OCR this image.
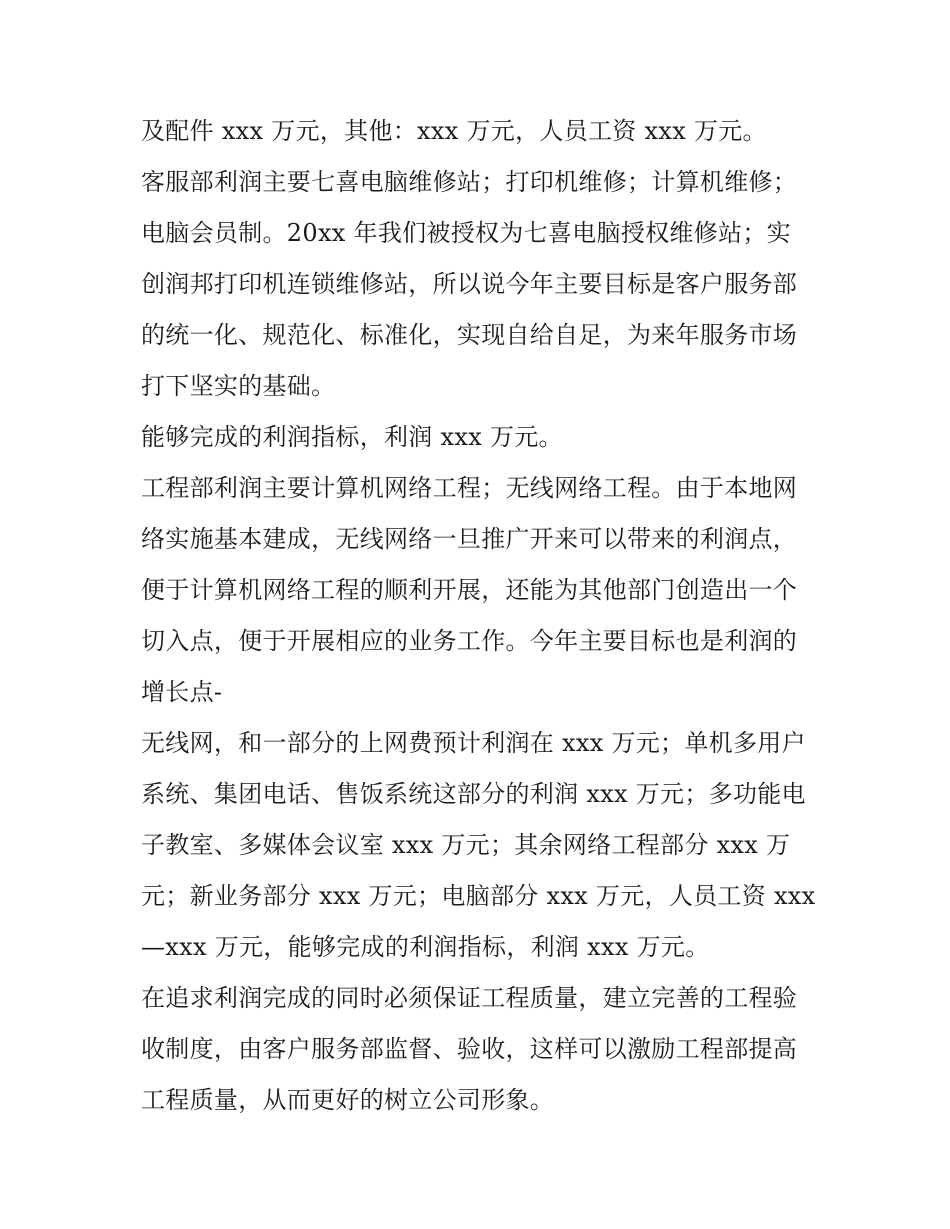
及配件 xxx 万元，其他：xxx 万元，人员工资 xxx 万元。
客服部利润主要七喜电脑维修站；打印机维修；计算机维修；
电脑会员制。20xx 年我们被授权为七喜电脑授权维修站；实
创润邦打印机连锁维修站，所以说今年主要目标是客户服务部
的统一化、规范化、标准化，实现自给自足，为来年服务市场
打下坚实的基础。
能够完成的利润指标，利润 xxx 万元。
工程部利润主要计算机网络工程；无线网络工程。由于本地网
络实施基本建成，无线网络一旦推广开来可以带来的利润点，
便于计算机网络工程的顺利开展，还能为其他部门创造出一个
切入点，便于开展相应的业务工作。今年主要目标也是利润的
增长点-
无线网，和一部分的上网费预计利润在 xxx 万元；单机多用户
系统、集团电话、售饭系统这部分的利润 xxx 万元；多功能电
子教室、多媒体会议室 xxx 万元；其余网络工程部分 xxx 万
元；新业务部分 xxx 万元；电脑部分 xxx 万元，人员工资 xxx
—xxx 万元，能够完成的利润指标，利润 xxx 万元。
在追求利润完成的同时必须保证工程质量，建立完善的工程验
收制度，由客户服务部监督、验收，这样可以激励工程部提高
工程质量，从而更好的树立公司形象。
